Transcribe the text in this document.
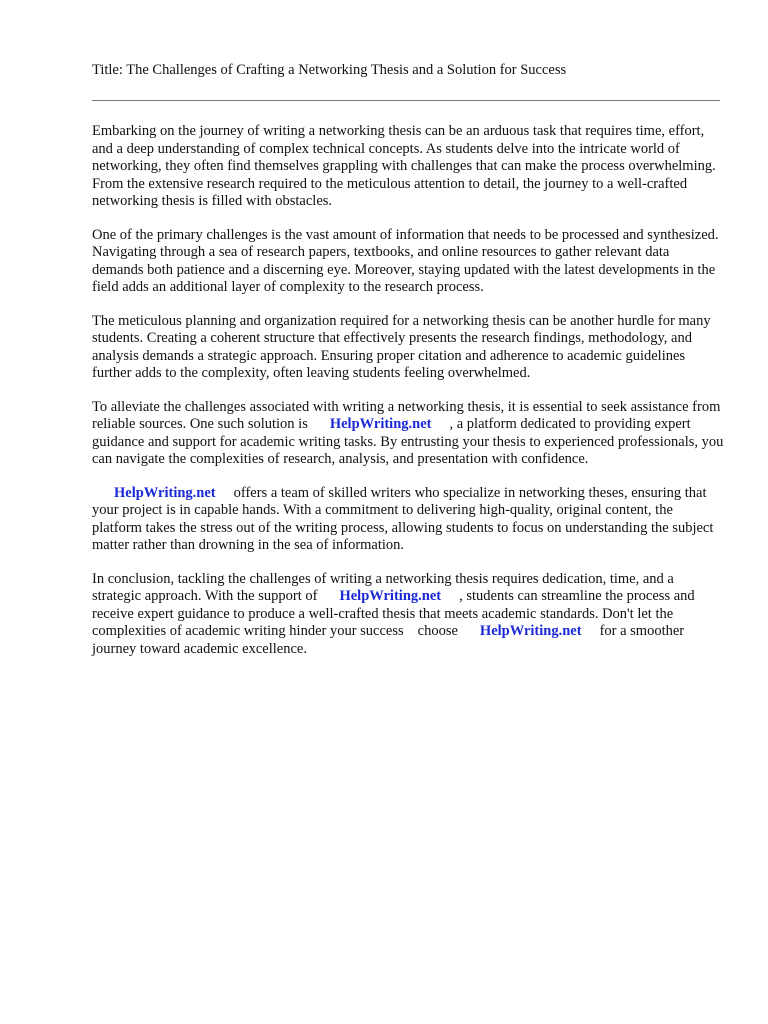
Title: The Challenges of Crafting a Networking Thesis and a Solution for Success

Embarking on the journey of writing a networking thesis can be an arduous task that requires time, effort, and a deep understanding of complex technical concepts. As students delve into the intricate world of networking, they often find themselves grappling with challenges that can make the process overwhelming. From the extensive research required to the meticulous attention to detail, the journey to a well-crafted networking thesis is filled with obstacles.

One of the primary challenges is the vast amount of information that needs to be processed and synthesized. Navigating through a sea of research papers, textbooks, and online resources to gather relevant data demands both patience and a discerning eye. Moreover, staying updated with the latest developments in the field adds an additional layer of complexity to the research process.

The meticulous planning and organization required for a networking thesis can be another hurdle for many students. Creating a coherent structure that effectively presents the research findings, methodology, and analysis demands a strategic approach. Ensuring proper citation and adherence to academic guidelines further adds to the complexity, often leaving students feeling overwhelmed.

To alleviate the challenges associated with writing a networking thesis, it is essential to seek assistance from reliable sources. One such solution is HelpWriting.net , a platform dedicated to providing expert guidance and support for academic writing tasks. By entrusting your thesis to experienced professionals, you can navigate the complexities of research, analysis, and presentation with confidence.

HelpWriting.net offers a team of skilled writers who specialize in networking theses, ensuring that your project is in capable hands. With a commitment to delivering high-quality, original content, the platform takes the stress out of the writing process, allowing students to focus on understanding the subject matter rather than drowning in the sea of information.

In conclusion, tackling the challenges of writing a networking thesis requires dedication, time, and a strategic approach. With the support of HelpWriting.net , students can streamline the process and receive expert guidance to produce a well-crafted thesis that meets academic standards. Don't let the complexities of academic writing hinder your success choose HelpWriting.net for a smoother journey toward academic excellence.
